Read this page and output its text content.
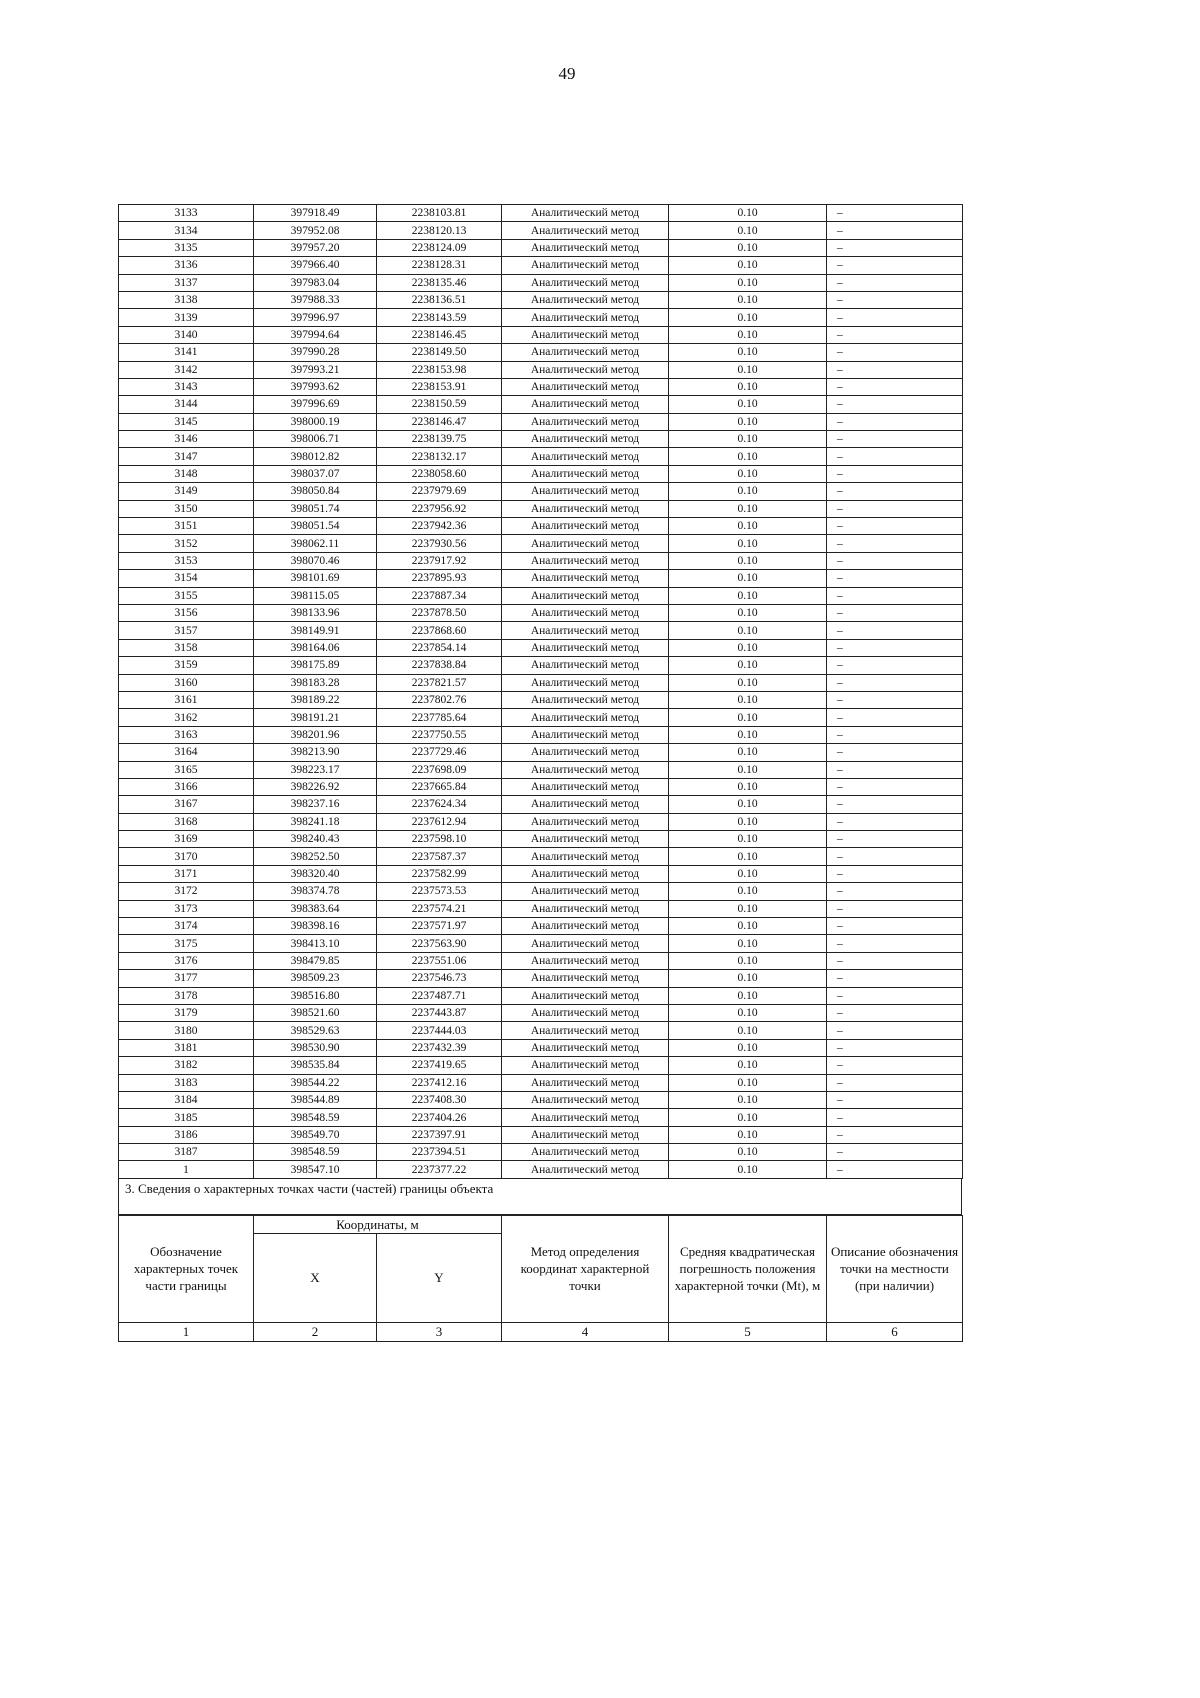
49
3133	397918.49	2238103.81	Аналитический метод	0.10	–
3134	397952.08	2238120.13	Аналитический метод	0.10	–
3135	397957.20	2238124.09	Аналитический метод	0.10	–
3136	397966.40	2238128.31	Аналитический метод	0.10	–
3137	397983.04	2238135.46	Аналитический метод	0.10	–
3138	397988.33	2238136.51	Аналитический метод	0.10	–
3139	397996.97	2238143.59	Аналитический метод	0.10	–
3140	397994.64	2238146.45	Аналитический метод	0.10	–
3141	397990.28	2238149.50	Аналитический метод	0.10	–
3142	397993.21	2238153.98	Аналитический метод	0.10	–
3143	397993.62	2238153.91	Аналитический метод	0.10	–
3144	397996.69	2238150.59	Аналитический метод	0.10	–
3145	398000.19	2238146.47	Аналитический метод	0.10	–
3146	398006.71	2238139.75	Аналитический метод	0.10	–
3147	398012.82	2238132.17	Аналитический метод	0.10	–
3148	398037.07	2238058.60	Аналитический метод	0.10	–
3149	398050.84	2237979.69	Аналитический метод	0.10	–
3150	398051.74	2237956.92	Аналитический метод	0.10	–
3151	398051.54	2237942.36	Аналитический метод	0.10	–
3152	398062.11	2237930.56	Аналитический метод	0.10	–
3153	398070.46	2237917.92	Аналитический метод	0.10	–
3154	398101.69	2237895.93	Аналитический метод	0.10	–
3155	398115.05	2237887.34	Аналитический метод	0.10	–
3156	398133.96	2237878.50	Аналитический метод	0.10	–
3157	398149.91	2237868.60	Аналитический метод	0.10	–
3158	398164.06	2237854.14	Аналитический метод	0.10	–
3159	398175.89	2237838.84	Аналитический метод	0.10	–
3160	398183.28	2237821.57	Аналитический метод	0.10	–
3161	398189.22	2237802.76	Аналитический метод	0.10	–
3162	398191.21	2237785.64	Аналитический метод	0.10	–
3163	398201.96	2237750.55	Аналитический метод	0.10	–
3164	398213.90	2237729.46	Аналитический метод	0.10	–
3165	398223.17	2237698.09	Аналитический метод	0.10	–
3166	398226.92	2237665.84	Аналитический метод	0.10	–
3167	398237.16	2237624.34	Аналитический метод	0.10	–
3168	398241.18	2237612.94	Аналитический метод	0.10	–
3169	398240.43	2237598.10	Аналитический метод	0.10	–
3170	398252.50	2237587.37	Аналитический метод	0.10	–
3171	398320.40	2237582.99	Аналитический метод	0.10	–
3172	398374.78	2237573.53	Аналитический метод	0.10	–
3173	398383.64	2237574.21	Аналитический метод	0.10	–
3174	398398.16	2237571.97	Аналитический метод	0.10	–
3175	398413.10	2237563.90	Аналитический метод	0.10	–
3176	398479.85	2237551.06	Аналитический метод	0.10	–
3177	398509.23	2237546.73	Аналитический метод	0.10	–
3178	398516.80	2237487.71	Аналитический метод	0.10	–
3179	398521.60	2237443.87	Аналитический метод	0.10	–
3180	398529.63	2237444.03	Аналитический метод	0.10	–
3181	398530.90	2237432.39	Аналитический метод	0.10	–
3182	398535.84	2237419.65	Аналитический метод	0.10	–
3183	398544.22	2237412.16	Аналитический метод	0.10	–
3184	398544.89	2237408.30	Аналитический метод	0.10	–
3185	398548.59	2237404.26	Аналитический метод	0.10	–
3186	398549.70	2237397.91	Аналитический метод	0.10	–
3187	398548.59	2237394.51	Аналитический метод	0.10	–
1	398547.10	2237377.22	Аналитический метод	0.10	–
3. Сведения о характерных точках части (частей) границы объекта
Обозначение характерных точек части границы	Координаты, м		Метод определения координат характерной точки	Средняя квадратическая погрешность положения характерной точки (Mt), м	Описание обозначения точки на местности (при наличии)
	X	Y			
1	2	3	4	5	6
